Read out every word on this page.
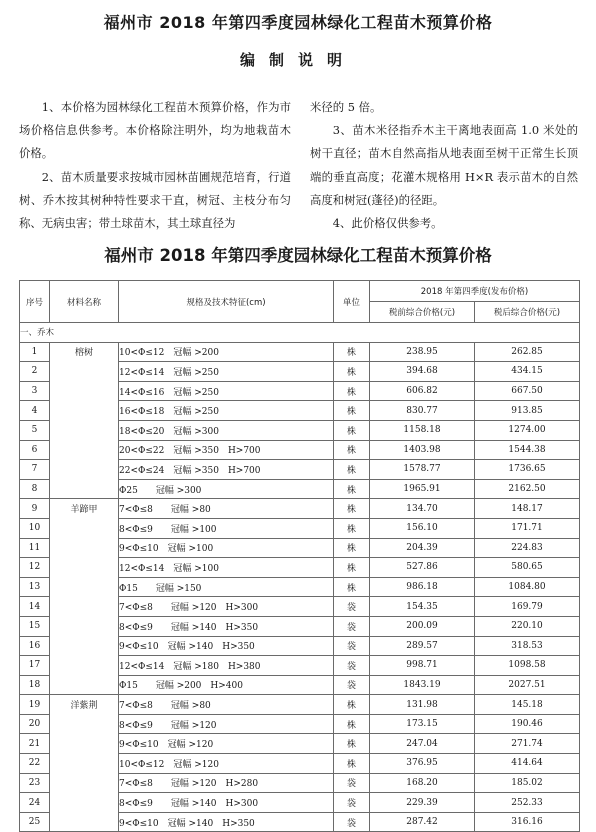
福州市 2018 年第四季度园林绿化工程苗木预算价格
编制说明

1、本价格为园林绿化工程苗木预算价格，作为市场价格信息供参考。本价格除注明外，均为地栽苗木价格。

2、苗木质量要求按城市园林苗圃规范培育，行道树、乔木按其树种特性要求干直，树冠、主枝分布匀称、无病虫害；带土球苗木，其土球直径为

米径的 5 倍。

3、苗木米径指乔木主干离地表面高 1.0 米处的树干直径；苗木自然高指从地表面至树干正常生长顶端的垂直高度；花灌木规格用 H×R 表示苗木的自然高度和树冠(蓬径)的径距。

4、此价格仅供参考。

福州市 2018 年第四季度园林绿化工程苗木预算价格
序号	材料名称	规格及技术特征(cm)	单位	2018 年第四季度(发布价格)	
				税前综合价格(元)	税后综合价格(元)
一、乔木					
1	榕树	10<Φ≤12　冠幅 >200	株	238.95	262.85
2		12<Φ≤14　冠幅 >250	株	394.68	434.15
3		14<Φ≤16　冠幅 >250	株	606.82	667.50
4		16<Φ≤18　冠幅 >250	株	830.77	913.85
5		18<Φ≤20　冠幅 >300	株	1158.18	1274.00
6		20<Φ≤22　冠幅 >350　H>700	株	1403.98	1544.38
7		22<Φ≤24　冠幅 >350　H>700	株	1578.77	1736.65
8		Φ25　　冠幅 >300	株	1965.91	2162.50
9	羊蹄甲	7<Φ≤8　　冠幅 >80	株	134.70	148.17
10		8<Φ≤9　　冠幅 >100	株	156.10	171.71
11		9<Φ≤10　冠幅 >100	株	204.39	224.83
12		12<Φ≤14　冠幅 >100	株	527.86	580.65
13		Φ15　　冠幅 >150	株	986.18	1084.80
14		7<Φ≤8　　冠幅 >120　H>300	袋	154.35	169.79
15		8<Φ≤9　　冠幅 >140　H>350	袋	200.09	220.10
16		9<Φ≤10　冠幅 >140　H>350	袋	289.57	318.53
17		12<Φ≤14　冠幅 >180　H>380	袋	998.71	1098.58
18		Φ15　　冠幅 >200　H>400	袋	1843.19	2027.51
19	洋紫荆	7<Φ≤8　　冠幅 >80	株	131.98	145.18
20		8<Φ≤9　　冠幅 >120	株	173.15	190.46
21		9<Φ≤10　冠幅 >120	株	247.04	271.74
22		10<Φ≤12　冠幅 >120	株	376.95	414.64
23		7<Φ≤8　　冠幅 >120　H>280	袋	168.20	185.02
24		8<Φ≤9　　冠幅 >140　H>300	袋	229.39	252.33
25		9<Φ≤10　冠幅 >140　H>350	袋	287.42	316.16
